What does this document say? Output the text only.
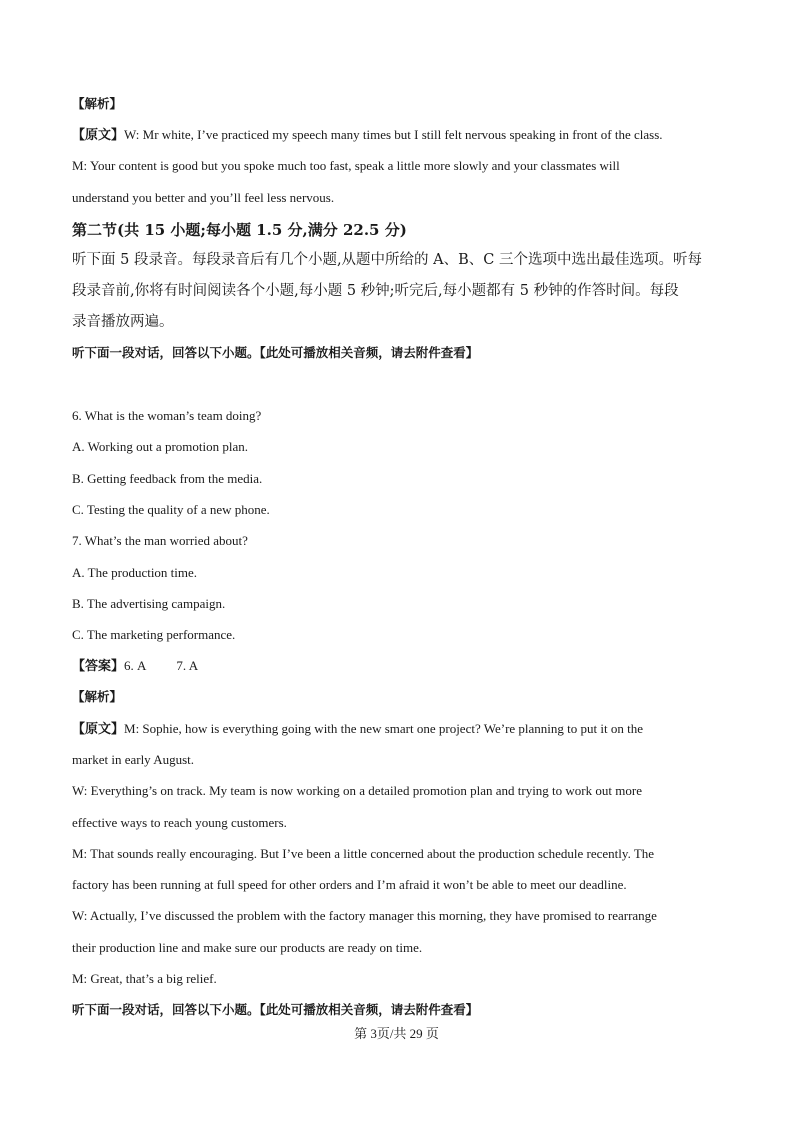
【解析】
【原文】W: Mr white, I’ve practiced my speech many times but I still felt nervous speaking in front of the class.
M: Your content is good but you spoke much too fast, speak a little more slowly and your classmates will
understand you better and you’ll feel less nervous.
第二节(共 15 小题;每小题 1.5 分,满分 22.5 分)
听下面 5 段录音。每段录音后有几个小题,从题中所给的 A、B、C 三个选项中选出最佳选项。听每
段录音前,你将有时间阅读各个小题,每小题 5 秒钟;听完后,每小题都有 5 秒钟的作答时间。每段
录音播放两遍。
听下面一段对话，回答以下小题。【此处可播放相关音频，请去附件查看】
6. What is the woman’s team doing?
A. Working out a promotion plan.
B. Getting feedback from the media.
C. Testing the quality of a new phone.
7. What’s the man worried about?
A. The production time.
B. The advertising campaign.
C. The marketing performance.
【答案】6. A 7. A
【解析】
【原文】M: Sophie, how is everything going with the new smart one project? We’re planning to put it on the
market in early August.
W: Everything’s on track. My team is now working on a detailed promotion plan and trying to work out more
effective ways to reach young customers.
M: That sounds really encouraging. But I’ve been a little concerned about the production schedule recently. The
factory has been running at full speed for other orders and I’m afraid it won’t be able to meet our deadline.
W: Actually, I’ve discussed the problem with the factory manager this morning, they have promised to rearrange
their production line and make sure our products are ready on time.
M: Great, that’s a big relief.
听下面一段对话，回答以下小题。【此处可播放相关音频，请去附件查看】
第 3页/共 29 页
